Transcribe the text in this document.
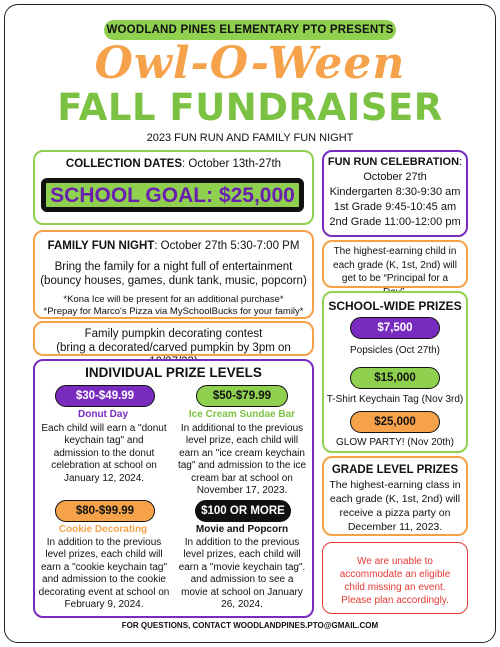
WOODLAND PINES ELEMENTARY PTO PRESENTS
Owl-O-Ween
FALL FUNDRAISER
2023 FUN RUN AND FAMILY FUN NIGHT
COLLECTION DATES: October 13th-27th
SCHOOL GOAL: $25,000
FAMILY FUN NIGHT: October 27th 5:30-7:00 PM
Bring the family for a night full of entertainment
(bouncy houses, games, dunk tank, music, popcorn)
*Kona Ice will be present for an additional purchase*
*Prepay for Marco's Pizza via MySchoolBucks for your family*
Family pumpkin decorating contest
(bring a decorated/carved pumpkin by 3pm on
INDIVIDUAL PRIZE LEVELS
$30-$49.99
Donut Day
Each child will earn a "donut keychain tag" and admission to the donut celebration at school on January 12, 2024.
$50-$79.99
Ice Cream Sundae Bar
In additional to the previous level prize, each child will earn an "ice cream keychain tag" and admission to the ice cream bar at school on November 17, 2023.
$80-$99.99
Cookie Decorating
In addition to the previous level prizes, each child will earn a "cookie keychain tag" and admission to the cookie decorating event at school on February 9, 2024.
$100 OR MORE
Movie and Popcorn
In addition to the previous level prizes, each child will earn a "movie keychain tag". and admission to see a movie at school on January 26, 2024.
FUN RUN CELEBRATION:
October 27th
Kindergarten 8:30-9:30 am
1st Grade 9:45-10:45 am
2nd Grade 11:00-12:00 pm
The highest-earning child in each grade (K, 1st, 2nd) will get to be “Principal for a
SCHOOL-WIDE PRIZES
$7,500
Popsicles (Oct 27th)
$15,000
T-Shirt Keychain Tag (Nov 3rd)
$25,000
GLOW PARTY! (Nov 20th)
GRADE LEVEL PRIZES
The highest-earning class in each grade (K, 1st, 2nd) will receive a pizza party on December 11, 2023.
We are unable to accommodate an eligible child missing an event. Please plan accordingly.
FOR QUESTIONS, CONTACT WOODLANDPINES.PTO@GMAIL.COM
